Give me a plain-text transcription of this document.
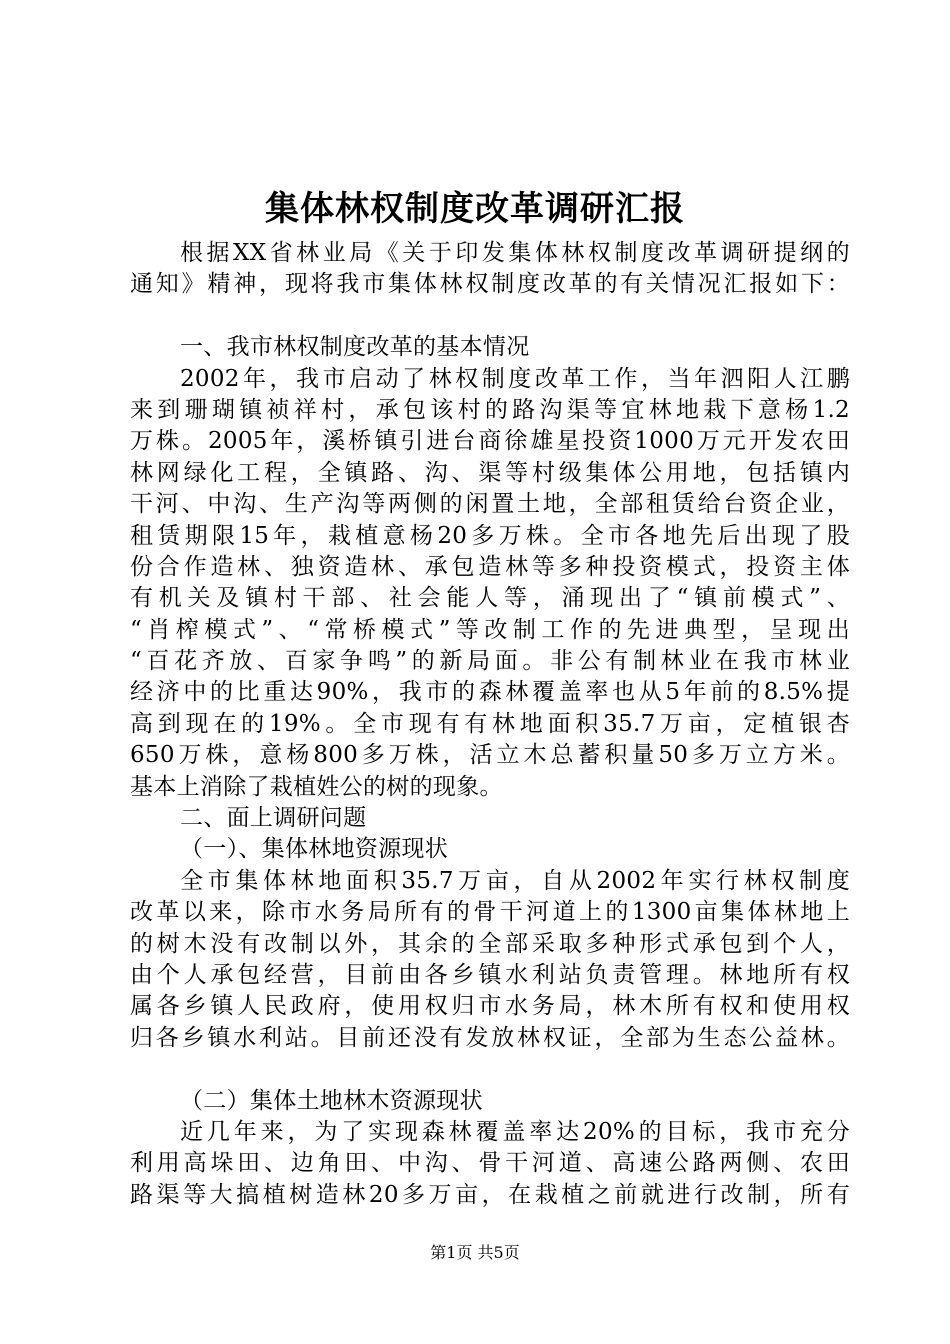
集体林权制度改革调研汇报
根据XX省林业局《关于印发集体林权制度改革调研提纲的
通知》精神，现将我市集体林权制度改革的有关情况汇报如下：
一、我市林权制度改革的基本情况
2002年，我市启动了林权制度改革工作，当年泗阳人江鹏
来到珊瑚镇祯祥村，承包该村的路沟渠等宜林地栽下意杨1.2
万株。2005年，溪桥镇引进台商徐雄星投资1000万元开发农田
林网绿化工程，全镇路、沟、渠等村级集体公用地，包括镇内
干河、中沟、生产沟等两侧的闲置土地，全部租赁给台资企业，
租赁期限15年，栽植意杨20多万株。全市各地先后出现了股
份合作造林、独资造林、承包造林等多种投资模式，投资主体
有机关及镇村干部、社会能人等，涌现出了“镇前模式”、
“肖榨模式”、“常桥模式”等改制工作的先进典型，呈现出
“百花齐放、百家争鸣”的新局面。非公有制林业在我市林业
经济中的比重达90%，我市的森林覆盖率也从5年前的8.5%提
高到现在的19%。全市现有有林地面积35.7万亩，定植银杏
650万株，意杨800多万株，活立木总蓄积量50多万立方米。
基本上消除了栽植姓公的树的现象。
二、面上调研问题
（一）、集体林地资源现状
全市集体林地面积35.7万亩，自从2002年实行林权制度
改革以来，除市水务局所有的骨干河道上的1300亩集体林地上
的树木没有改制以外，其余的全部采取多种形式承包到个人，
由个人承包经营，目前由各乡镇水利站负责管理。林地所有权
属各乡镇人民政府，使用权归市水务局，林木所有权和使用权
归各乡镇水利站。目前还没有发放林权证，全部为生态公益林。
（二）集体土地林木资源现状
近几年来，为了实现森林覆盖率达20%的目标，我市充分
利用高垛田、边角田、中沟、骨干河道、高速公路两侧、农田
路渠等大搞植树造林20多万亩，在栽植之前就进行改制，所有
第1页 共5页
